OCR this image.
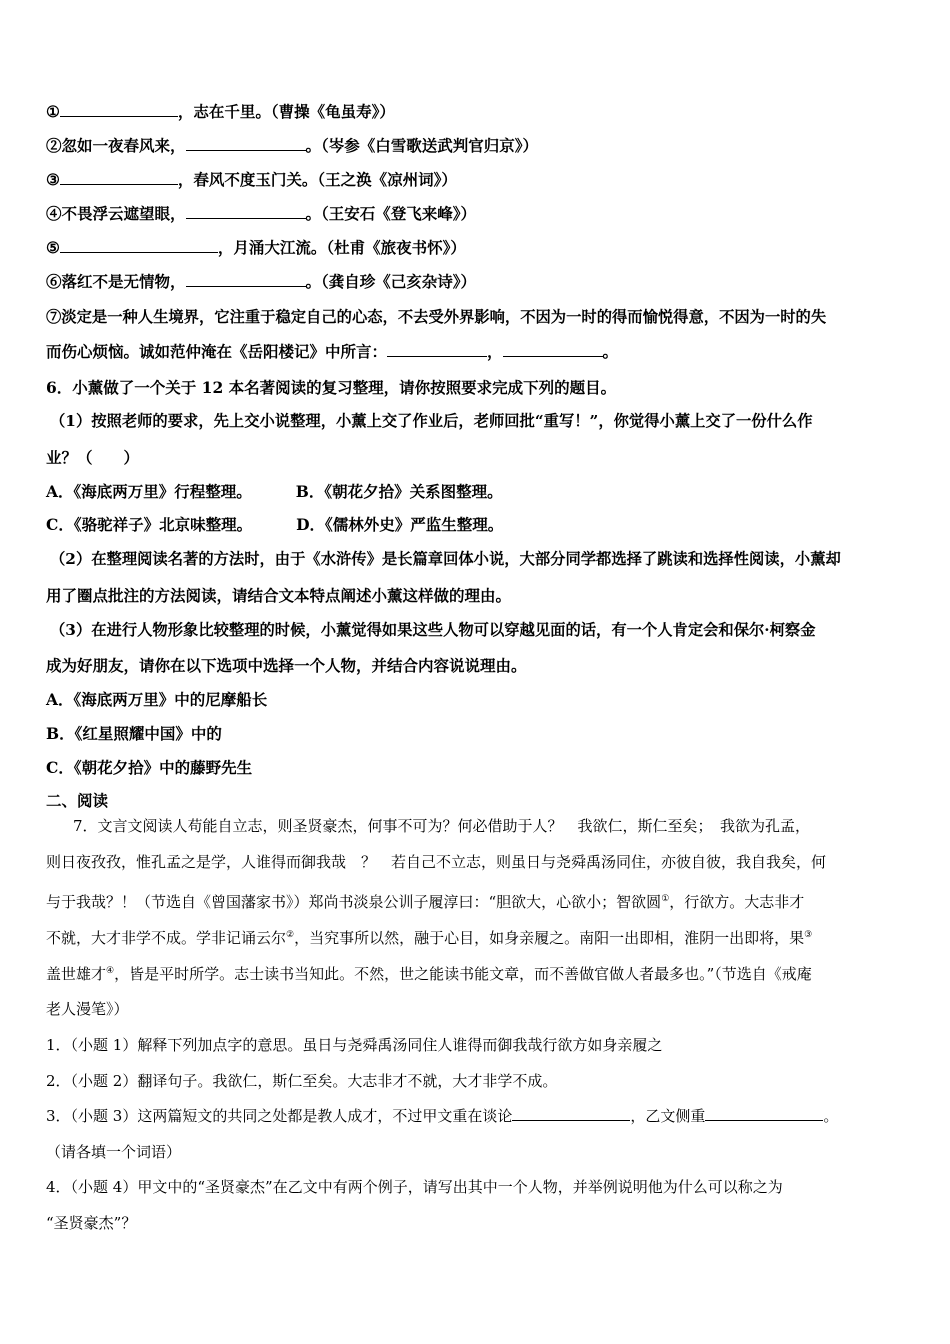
①	，志在千里。（曹操《龟虽寿》）
②忽如一夜春风来，	。（岑参《白雪歌送武判官归京》）
③	，春风不度玉门关。（王之涣《凉州词》）
④不畏浮云遮望眼，	。（王安石《登飞来峰》）
⑤	，月涌大江流。（杜甫《旅夜书怀》）
⑥落红不是无情物，	。（龚自珍《己亥杂诗》）
⑦淡定是一种人生境界，它注重于稳定自己的心态，不去受外界影响，不因为一时的得而愉悦得意，不因为一时的失
而伤心烦恼。诚如范仲淹在《岳阳楼记》中所言：	，	。
6．小薰做了一个关于 12 本名著阅读的复习整理，请你按照要求完成下列的题目。
（1）按照老师的要求，先上交小说整理，小薰上交了作业后，老师回批“重写！”，你觉得小薰上交了一份什么作
业？（　　）
A．《海底两万里》行程整理。	B．《朝花夕拾》关系图整理。
C．《骆驼祥子》北京味整理。	D．《儒林外史》严监生整理。
（2）在整理阅读名著的方法时，由于《水浒传》是长篇章回体小说，大部分同学都选择了跳读和选择性阅读，小薰却
用了圈点批注的方法阅读，请结合文本特点阐述小薰这样做的理由。
（3）在进行人物形象比较整理的时候，小薰觉得如果这些人物可以穿越见面的话，有一个人肯定会和保尔·柯察金
成为好朋友，请你在以下选项中选择一个人物，并结合内容说说理由。
A．《海底两万里》中的尼摩船长
B．《红星照耀中国》中的
C．《朝花夕拾》中的藤野先生
二、阅读
7．文言文阅读人苟能自立志，则圣贤豪杰，何事不可为？何必借助于人？　我欲仁，斯仁至矣；　我欲为孔孟，
则日夜孜孜，惟孔孟之是学，人谁得而御我哉　？　若自己不立志，则虽日与尧舜禹汤同住，亦彼自彼，我自我矣，何
与于我哉？！（节选自《曾国藩家书》）郑尚书淡泉公训子履淳曰：“胆欲大，心欲小；智欲圆①，行欲方。大志非才
不就，大才非学不成。学非记诵云尔②，当究事所以然，融于心目，如身亲履之。南阳一出即相，淮阴一出即将，果③
盖世雄才④，皆是平时所学。志士读书当知此。不然，世之能读书能文章，而不善做官做人者最多也。”（节选自《戒庵
老人漫笔》）
1．（小题 1）解释下列加点字的意思。虽日与尧舜禹汤同住人谁得而御我哉行欲方如身亲履之
2．（小题 2）翻译句子。我欲仁，斯仁至矣。大志非才不就，大才非学不成。
3．（小题 3）这两篇短文的共同之处都是教人成才，不过甲文重在谈论	，乙文侧重	。
（请各填一个词语）
4．（小题 4）甲文中的“圣贤豪杰”在乙文中有两个例子，请写出其中一个人物，并举例说明他为什么可以称之为
“圣贤豪杰”？
